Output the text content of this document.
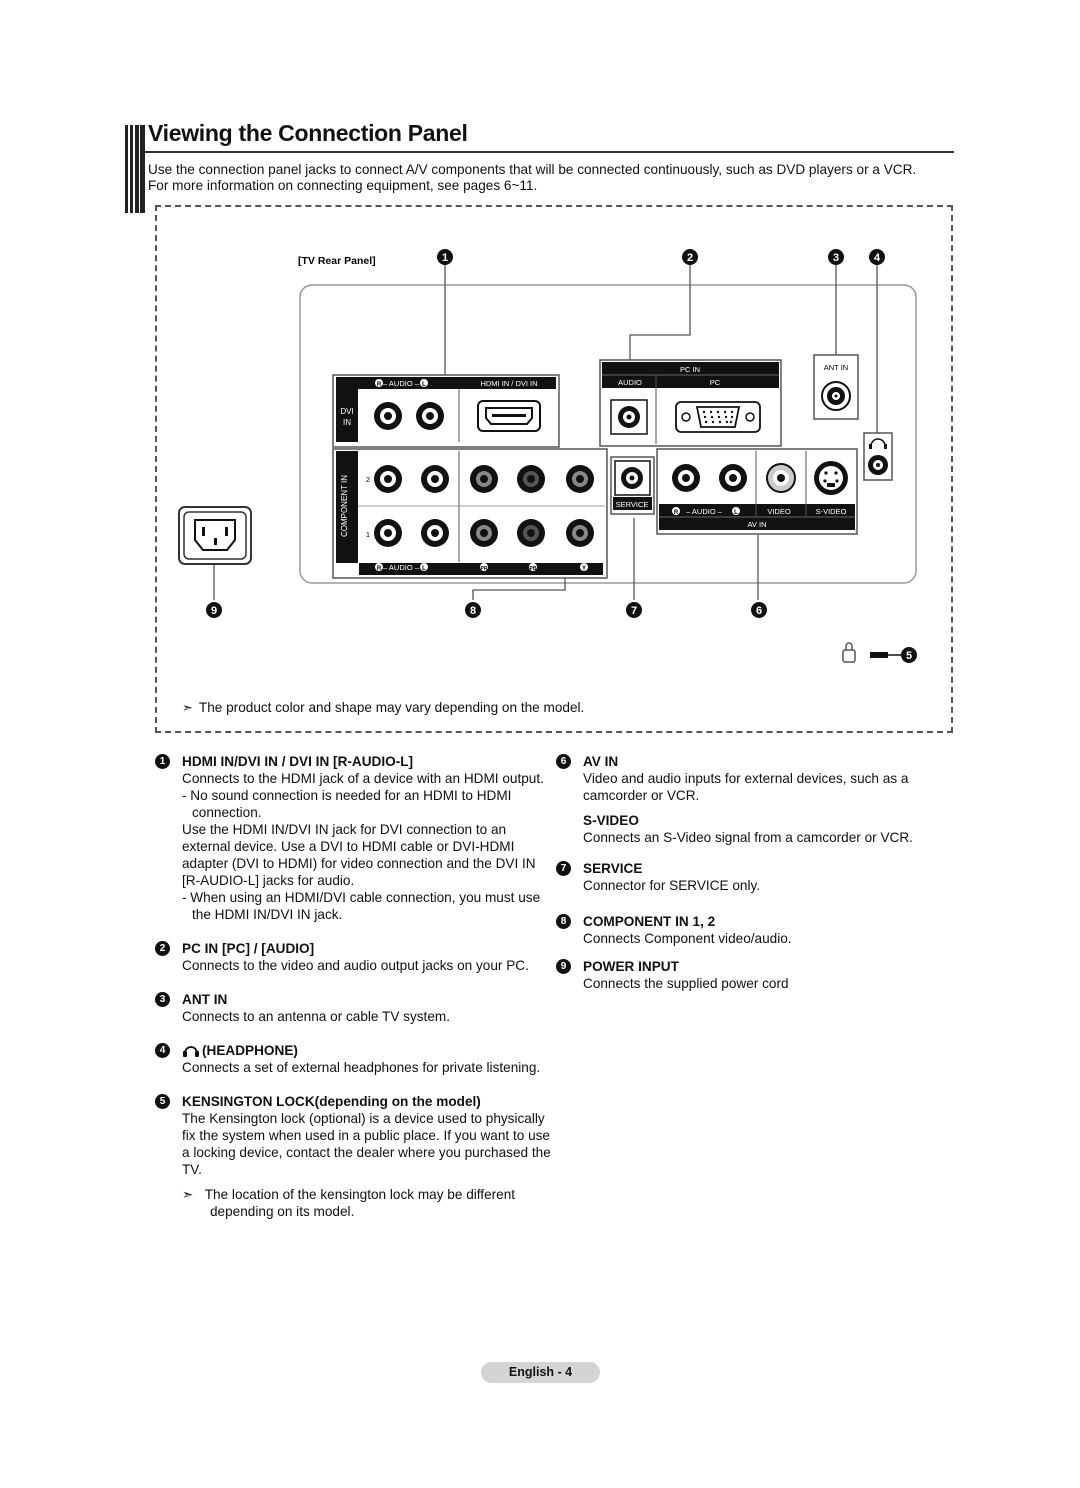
Viewing the Connection Panel

Use the connection panel jacks to connect A/V components that will be connected continuously, such as DVD players or a VCR.

For more information on connecting equipment, see pages 6~11.

[TV Rear Panel]	1	2	3	4
5
6
7
8
9
DVI
IN
R – AUDIO – L	HDMI IN / DVI IN
COMPONENT IN
R – AUDIO – L	PR	PB	Y
2
1
SERVICE
PC IN
AUDIO	PC
ANT IN
R – AUDIO – L	VIDEO	S-VIDEO
AV IN
➣ The product color and shape may vary depending on the model.
1	HDMI IN/DVI IN / DVI IN [R-AUDIO-L]

Connects to the HDMI jack of a device with an HDMI output.

- No sound connection is needed for an HDMI to HDMI connection.

Use the HDMI IN/DVI IN jack for DVI connection to an external device. Use a DVI to HDMI cable or DVI-HDMI adapter (DVI to HDMI) for video connection and the DVI IN [R-AUDIO-L] jacks for audio.

- When using an HDMI/DVI cable connection, you must use the HDMI IN/DVI IN jack.

2	PC IN [PC] / [AUDIO]

Connects to the video and audio output jacks on your PC.

3	ANT IN

Connects to an antenna or cable TV system.

4	(HEADPHONE)

Connects a set of external headphones for private listening.

5	KENSINGTON LOCK(depending on the model)

The Kensington lock (optional) is a device used to physically fix the system when used in a public place. If you want to use a locking device, contact the dealer where you purchased the TV.

➣   The location of the kensington lock may be different depending on its model.

6	AV IN

Video and audio inputs for external devices, such as a camcorder or VCR.

S-VIDEO

Connects an S-Video signal from a camcorder or VCR.

7	SERVICE

Connector for SERVICE only.

8	COMPONENT IN 1, 2

Connects Component video/audio.

9	POWER INPUT

Connects the supplied power cord

English - 4
